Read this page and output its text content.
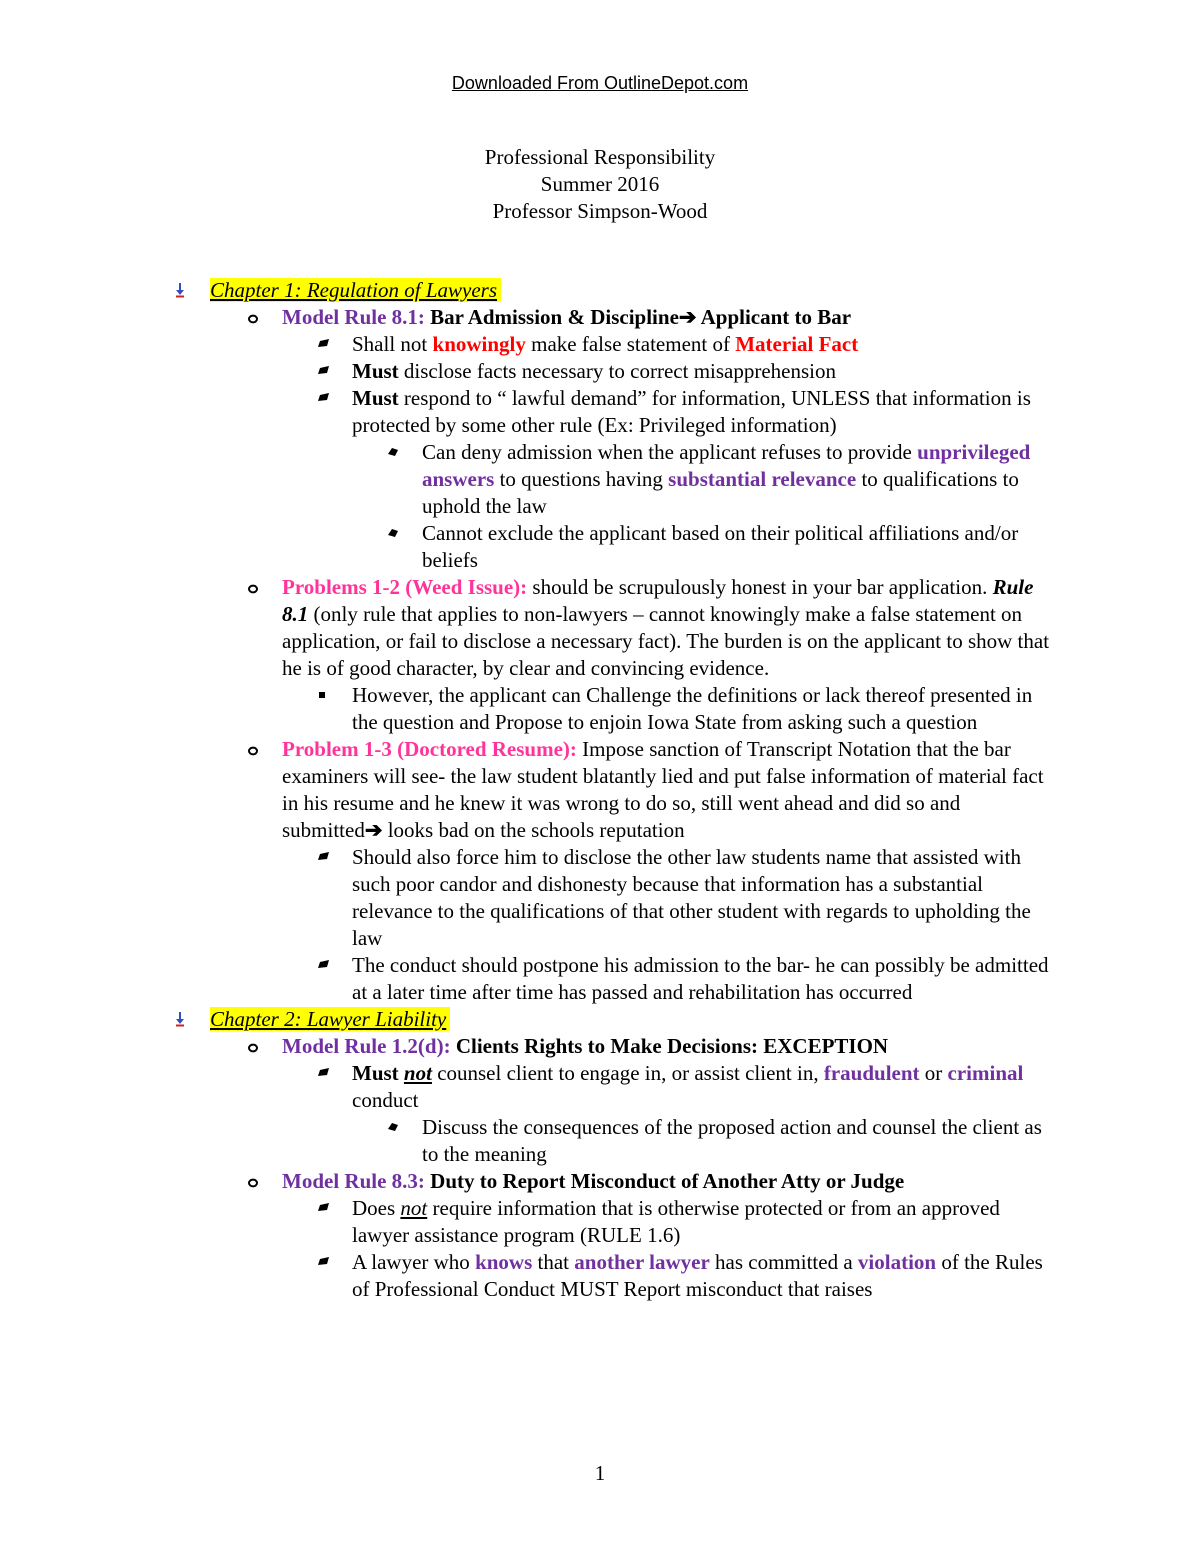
Downloaded From OutlineDepot.com
Professional Responsibility
Summer 2016
Professor Simpson-Wood
Chapter 1: Regulation of Lawyers
Model Rule 8.1: Bar Admission & Discipline➔ Applicant to Bar
Shall not knowingly make false statement of Material Fact
Must disclose facts necessary to correct misapprehension
Must respond to “ lawful demand” for information, UNLESS that information is protected by some other rule (Ex: Privileged information)
Can deny admission when the applicant refuses to provide unprivileged answers to questions having substantial relevance to qualifications to uphold the law
Cannot exclude the applicant based on their political affiliations and/or beliefs
Problems 1-2 (Weed Issue): should be scrupulously honest in your bar application. Rule 8.1 (only rule that applies to non-lawyers – cannot knowingly make a false statement on application, or fail to disclose a necessary fact). The burden is on the applicant to show that he is of good character, by clear and convincing evidence.
However, the applicant can Challenge the definitions or lack thereof presented in the question and Propose to enjoin Iowa State from asking such a question
Problem 1-3 (Doctored Resume): Impose sanction of Transcript Notation that the bar examiners will see- the law student blatantly lied and put false information of material fact in his resume and he knew it was wrong to do so, still went ahead and did so and submitted➔ looks bad on the schools reputation
Should also force him to disclose the other law students name that assisted with such poor candor and dishonesty because that information has a substantial relevance to the qualifications of that other student with regards to upholding the law
The conduct should postpone his admission to the bar- he can possibly be admitted at a later time after time has passed and rehabilitation has occurred
Chapter 2: Lawyer Liability
Model Rule 1.2(d): Clients Rights to Make Decisions: EXCEPTION
Must not counsel client to engage in, or assist client in, fraudulent or criminal conduct
Discuss the consequences of the proposed action and counsel the client as to the meaning
Model Rule 8.3: Duty to Report Misconduct of Another Atty or Judge
Does not require information that is otherwise protected or from an approved lawyer assistance program (RULE 1.6)
A lawyer who knows that another lawyer has committed a violation of the Rules of Professional Conduct MUST Report misconduct that raises
1
